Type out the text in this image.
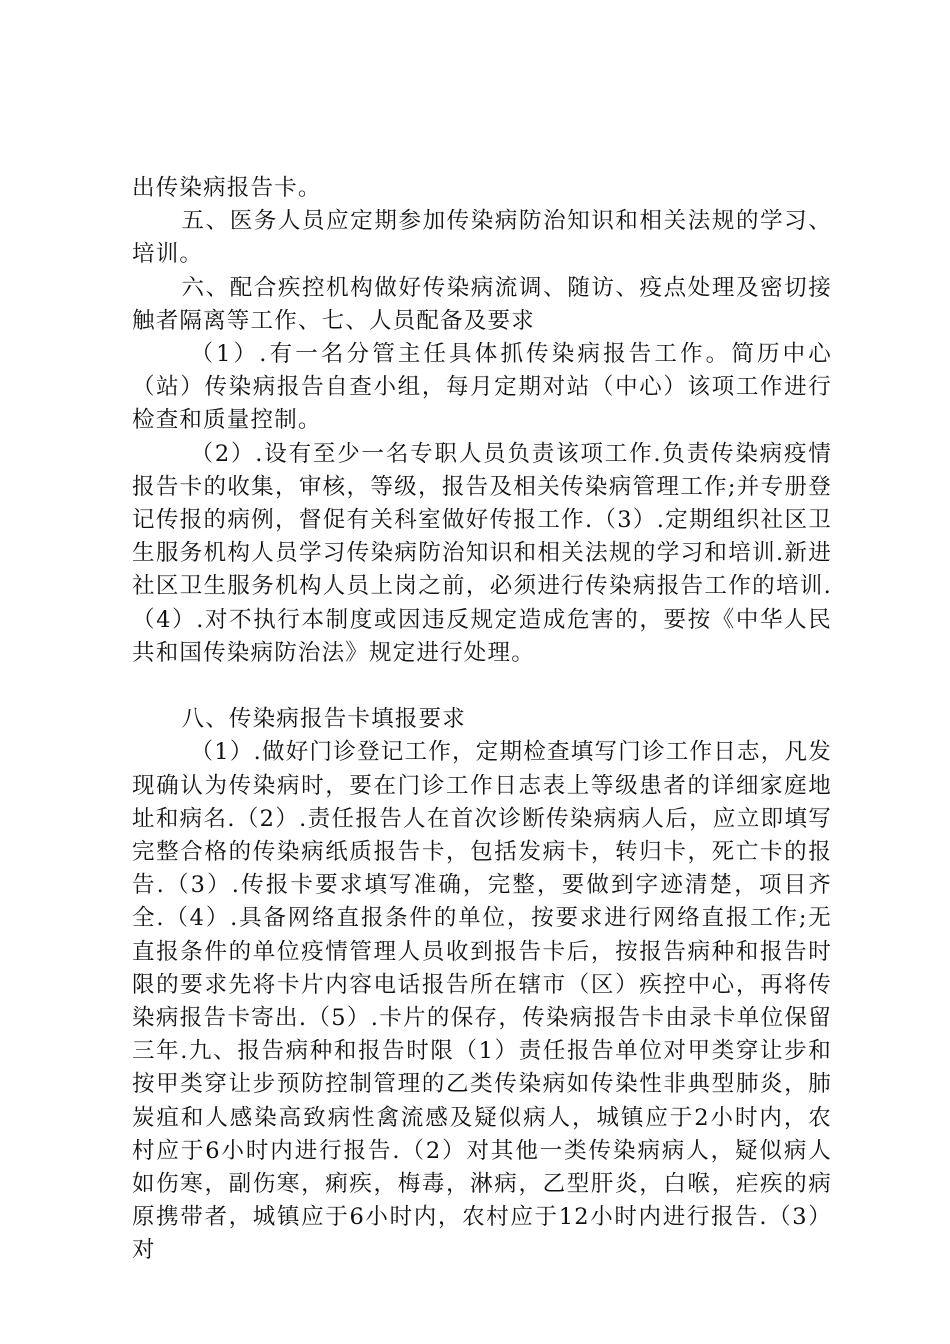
出传染病报告卡。

五、医务人员应定期参加传染病防治知识和相关法规的学习、培训。

六、配合疾控机构做好传染病流调、随访、疫点处理及密切接触者隔离等工作、七、人员配备及要求

（1）.有一名分管主任具体抓传染病报告工作。简历中心（站）传染病报告自查小组，每月定期对站（中心）该项工作进行检查和质量控制。

（2）.设有至少一名专职人员负责该项工作.负责传染病疫情报告卡的收集，审核，等级，报告及相关传染病管理工作;并专册登记传报的病例，督促有关科室做好传报工作.（3）.定期组织社区卫生服务机构人员学习传染病防治知识和相关法规的学习和培训.新进社区卫生服务机构人员上岗之前，必须进行传染病报告工作的培训.（4）.对不执行本制度或因违反规定造成危害的，要按《中华人民共和国传染病防治法》规定进行处理。

八、传染病报告卡填报要求

（1）.做好门诊登记工作，定期检查填写门诊工作日志，凡发现确认为传染病时，要在门诊工作日志表上等级患者的详细家庭地址和病名.（2）.责任报告人在首次诊断传染病病人后，应立即填写完整合格的传染病纸质报告卡，包括发病卡，转归卡，死亡卡的报告.（3）.传报卡要求填写准确，完整，要做到字迹清楚，项目齐全.（4）.具备网络直报条件的单位，按要求进行网络直报工作;无直报条件的单位疫情管理人员收到报告卡后，按报告病种和报告时限的要求先将卡片内容电话报告所在辖市（区）疾控中心，再将传染病报告卡寄出.（5）.卡片的保存，传染病报告卡由录卡单位保留三年.九、报告病种和报告时限（1）责任报告单位对甲类穿让步和按甲类穿让步预防控制管理的乙类传染病如传染性非典型肺炎，肺炭疽和人感染高致病性禽流感及疑似病人，城镇应于2小时内，农村应于6小时内进行报告.（2）对其他一类传染病病人，疑似病人如伤寒，副伤寒，痢疾，梅毒，淋病，乙型肝炎，白喉，疟疾的病原携带者，城镇应于6小时内，农村应于12小时内进行报告.（3）对
